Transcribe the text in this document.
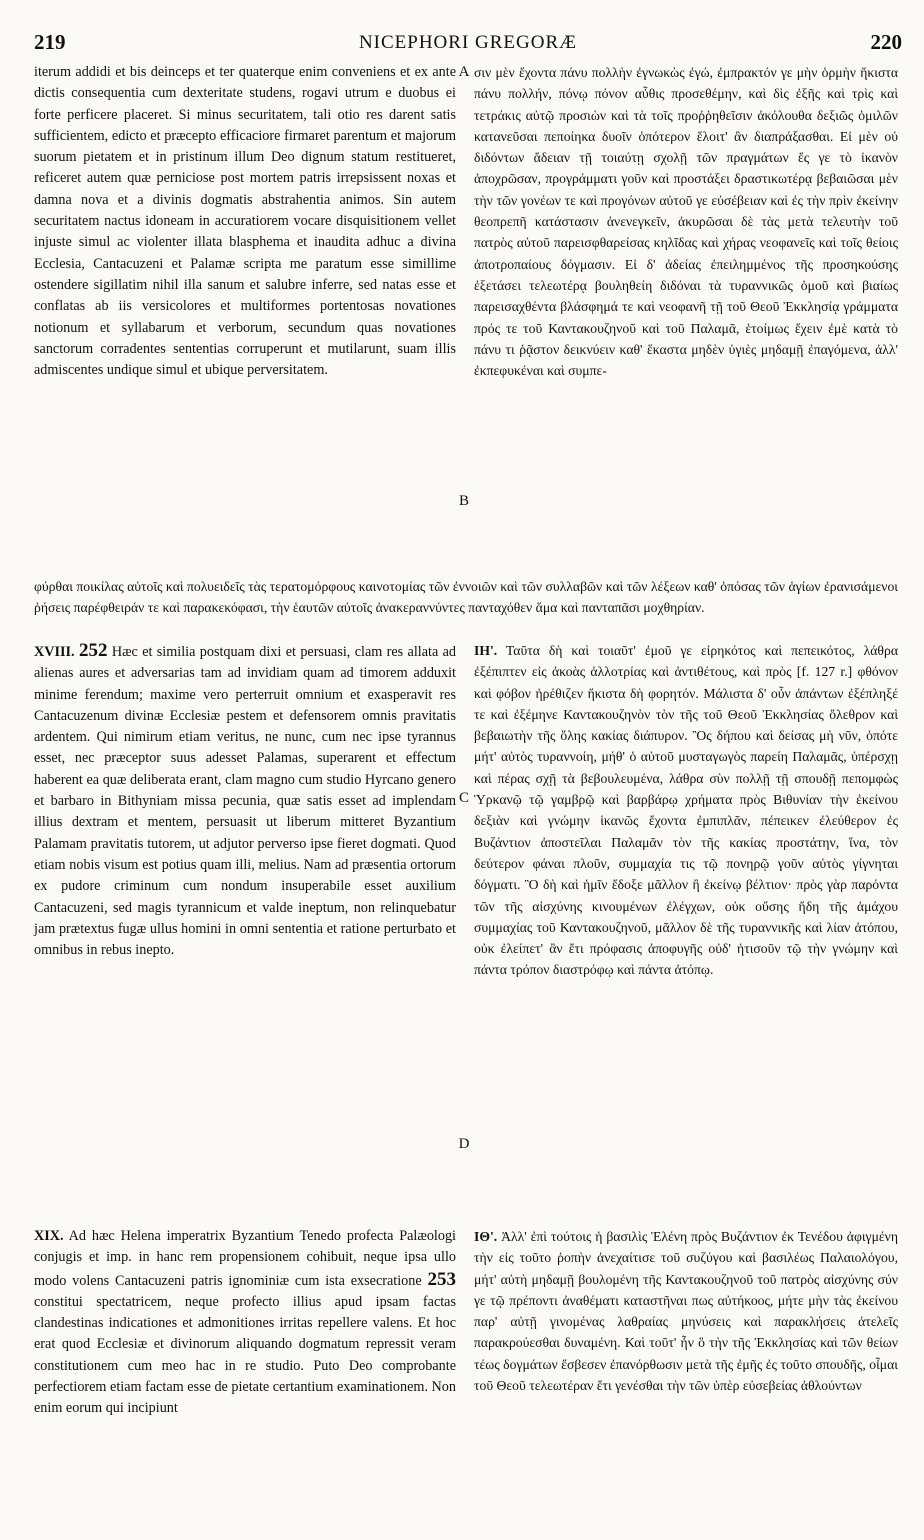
219	NICEPHORI GREGORÆ	220
A
B
C
D

iterum addidi et bis deinceps et ter quaterque enim conveniens et ex ante dictis consequentia cum dexteritate studens, rogavi utrum e duobus ei forte perficere placeret. Si minus securitatem, tali otio res darent satis sufficientem, edicto et præcepto efficaciore firmaret parentum et majorum suorum pietatem et in pristinum illum Deo dignum statum restitueret, reficeret autem quæ perniciose post mortem patris irrepsissent noxas et damna nova et a divinis dogmatis abstrahentia animos. Sin autem securitatem nactus idoneam in accuratiorem vocare disquisitionem vellet injuste simul ac violenter illata blasphema et inaudita adhuc a divina Ecclesia, Cantacuzeni et Palamæ scripta me paratum esse simillime ostendere sigillatim nihil illa sanum et salubre inferre, sed natas esse et conflatas ab iis versicolores et multiformes portentosas novationes notionum et syllabarum et verborum, secundum quas novationes sanctorum corradentes sententias corruperunt et mutilarunt, suam illis admiscentes undique simul et ubique perversitatem.

σιν μὲν ἔχοντα πάνυ πολλὴν ἐγνωκὼς ἐγώ, ἐμπρακτόν γε μὴν ὁρμὴν ἥκιστα πάνυ πολλήν, πόνῳ πόνον αὖθις προσεθέμην, καὶ δὶς ἐξῆς καὶ τρὶς καὶ τετράκις αὐτῷ προσιὼν καὶ τὰ τοῖς προῤῥηθεῖσιν ἀκόλουθα δεξιῶς ὁμιλῶν κατανεῦσαι πεποίηκα δυοῖν ὁπότερον ἕλοιτ' ἂν διαπράξασθαι. Εἰ μὲν οὐ διδόντων ἄδειαν τῇ τοιαύτῃ σχολῇ τῶν πραγμάτων ἔς γε τὸ ἱκανὸν ἀποχρῶσαν, προγράμματι γοῦν καὶ προστάξει δραστικωτέρᾳ βεβαιῶσαι μὲν τὴν τῶν γονέων τε καὶ προγόνων αὐτοῦ γε εὐσέβειαν καὶ ἐς τὴν πρὶν ἐκείνην θεοπρεπῆ κατάστασιν ἀνενεγκεῖν, ἀκυρῶσαι δὲ τὰς μετὰ τελευτὴν τοῦ πατρὸς αὐτοῦ παρεισφθαρείσας κηλῖδας καὶ χήρας νεοφανεῖς καὶ τοῖς θείοις ἀποτροπαίους δόγμασιν. Εἰ δ' ἀδείας ἐπειλημμένος τῆς προσηκούσης ἐξετάσει τελεωτέρᾳ βουληθείη διδόναι τὰ τυραννικῶς ὁμοῦ καὶ βιαίως παρεισαχθέντα βλάσφημά τε καὶ νεοφανῆ τῇ τοῦ Θεοῦ Ἐκκλησίᾳ γράμματα πρός τε τοῦ Καντακουζηνοῦ καὶ τοῦ Παλαμᾶ, ἑτοίμως ἔχειν ἐμὲ κατὰ τὸ πάνυ τι ῥᾷστον δεικνύειν καθ' ἕκαστα μηδὲν ὑγιὲς μηδαμῇ ἐπαγόμενα, ἀλλ' ἐκπεφυκέναι καὶ συμπε-

φύρθαι ποικίλας αὐτοῖς καὶ πολυειδεῖς τὰς τερατομόρφους καινοτομίας τῶν ἐννοιῶν καὶ τῶν συλλαβῶν καὶ τῶν λέξεων καθ' ὁπόσας τῶν ἁγίων ἐρανισάμενοι ῥήσεις παρέφθειράν τε καὶ παρακεκόφασι, τὴν ἑαυτῶν αὐτοῖς ἀνακεραννύντες πανταχόθεν ἅμα καὶ πανταπᾶσι μοχθηρίαν.

XVIII. 252 Hæc et similia postquam dixi et persuasi, clam res allata ad alienas aures et adversarias tam ad invidiam quam ad timorem adduxit minime ferendum; maxime vero perterruit omnium et exasperavit res Cantacuzenum divinæ Ecclesiæ pestem et defensorem omnis pravitatis ardentem. Qui nimirum etiam veritus, ne nunc, cum nec ipse tyrannus esset, nec præceptor suus adesset Palamas, superarent et effectum haberent ea quæ deliberata erant, clam magno cum studio Hyrcano genero et barbaro in Bithyniam missa pecunia, quæ satis esset ad implendam illius dextram et mentem, persuasit ut liberum mitteret Byzantium Palamam pravitatis tutorem, ut adjutor perverso ipse fieret dogmati. Quod etiam nobis visum est potius quam illi, melius. Nam ad præsentia ortorum ex pudore criminum cum nondum insuperabile esset auxilium Cantacuzeni, sed magis tyrannicum et valde ineptum, non relinquebatur jam prætextus fugæ ullus homini in omni sententia et ratione perturbato et omnibus in rebus inepto.

ΙΗ'. Ταῦτα δὴ καὶ τοιαῦτ' ἐμοῦ γε εἰρηκότος καὶ πεπεικότος, λάθρα ἐξέπιπτεν εἰς ἀκοὰς ἀλλοτρίας καὶ ἀντιθέτους, καὶ πρὸς [f. 127 r.] φθόνον καὶ φόβον ἠρέθιζεν ἥκιστα δὴ φορητόν. Μάλιστα δ' οὖν ἁπάντων ἐξέπληξέ τε καὶ ἐξέμηνε Καντακουζηνὸν τὸν τῆς τοῦ Θεοῦ Ἐκκλησίας ὄλεθρον καὶ βεβαιωτὴν τῆς ὅλης κακίας διάπυρον. Ὃς δήπου καὶ δείσας μὴ νῦν, ὁπότε μήτ' αὐτὸς τυραννοίη, μήθ' ὁ αὐτοῦ μυσταγωγὸς παρείη Παλαμᾶς, ὑπέρσχῃ καὶ πέρας σχῇ τὰ βεβουλευμένα, λάθρα σὺν πολλῇ τῇ σπουδῇ πεπομφὼς Ὑρκανῷ τῷ γαμβρῷ καὶ βαρβάρῳ χρήματα πρὸς Βιθυνίαν τὴν ἐκείνου δεξιὰν καὶ γνώμην ἱκανῶς ἔχοντα ἐμπιπλᾶν, πέπεικεν ἐλεύθερον ἐς Βυζάντιον ἀποστεῖλαι Παλαμᾶν τὸν τῆς κακίας προστάτην, ἵνα, τὸν δεύτερον φάναι πλοῦν, συμμαχία τις τῷ πονηρῷ γοῦν αὐτὸς γίγνηται δόγματι. Ὃ δὴ καὶ ἡμῖν ἔδοξε μᾶλλον ἢ ἐκείνῳ βέλτιον· πρὸς γὰρ παρόντα τῶν τῆς αἰσχύνης κινουμένων ἐλέγχων, οὐκ οὔσης ἤδη τῆς ἀμάχου συμμαχίας τοῦ Καντακουζηνοῦ, μᾶλλον δὲ τῆς τυραννικῆς καὶ λίαν ἀτόπου, οὐκ ἐλείπετ' ἂν ἔτι πρόφασις ἀποφυγῆς οὐδ' ἡτισοῦν τῷ τὴν γνώμην καὶ πάντα τρόπον διαστρόφῳ καὶ πάντα ἀτόπῳ.

XIX. Ad hæc Helena imperatrix Byzantium Tenedo profecta Palæologi conjugis et imp. in hanc rem propensionem cohibuit, neque ipsa ullo modo volens Cantacuzeni patris ignominiæ cum ista exsecratione 253 constitui spectatricem, neque profecto illius apud ipsam factas clandestinas indicationes et admonitiones irritas repellere valens. Et hoc erat quod Ecclesiæ et divinorum aliquando dogmatum repressit veram constitutionem cum meo hac in re studio. Puto Deo comprobante perfectiorem etiam factam esse de pietate certantium examinationem. Non enim eorum qui incipiunt

ΙΘ'. Ἀλλ' ἐπὶ τούτοις ἡ βασιλὶς Ἑλένη πρὸς Βυζάντιον ἐκ Τενέδου ἀφιγμένη τὴν εἰς τοῦτο ῥοπὴν ἀνεχαίτισε τοῦ συζύγου καὶ βασιλέως Παλαιολόγου, μήτ' αὐτὴ μηδαμῇ βουλομένη τῆς Καντακουζηνοῦ τοῦ πατρὸς αἰσχύνης σύν γε τῷ πρέποντι ἀναθέματι καταστῆναι πως αὐτήκοος, μήτε μὴν τὰς ἐκείνου παρ' αὐτῇ γινομένας λαθραίας μηνύσεις καὶ παρακλήσεις ἀτελεῖς παρακρούεσθαι δυναμένη. Καὶ τοῦτ' ἦν ὃ τὴν τῆς Ἐκκλησίας καὶ τῶν θείων τέως δογμάτων ἔσβεσεν ἐπανόρθωσιν μετὰ τῆς ἐμῆς ἐς τοῦτο σπουδῆς, οἶμαι τοῦ Θεοῦ τελεωτέραν ἔτι γενέσθαι τὴν τῶν ὑπὲρ εὐσεβείας ἀθλούντων
